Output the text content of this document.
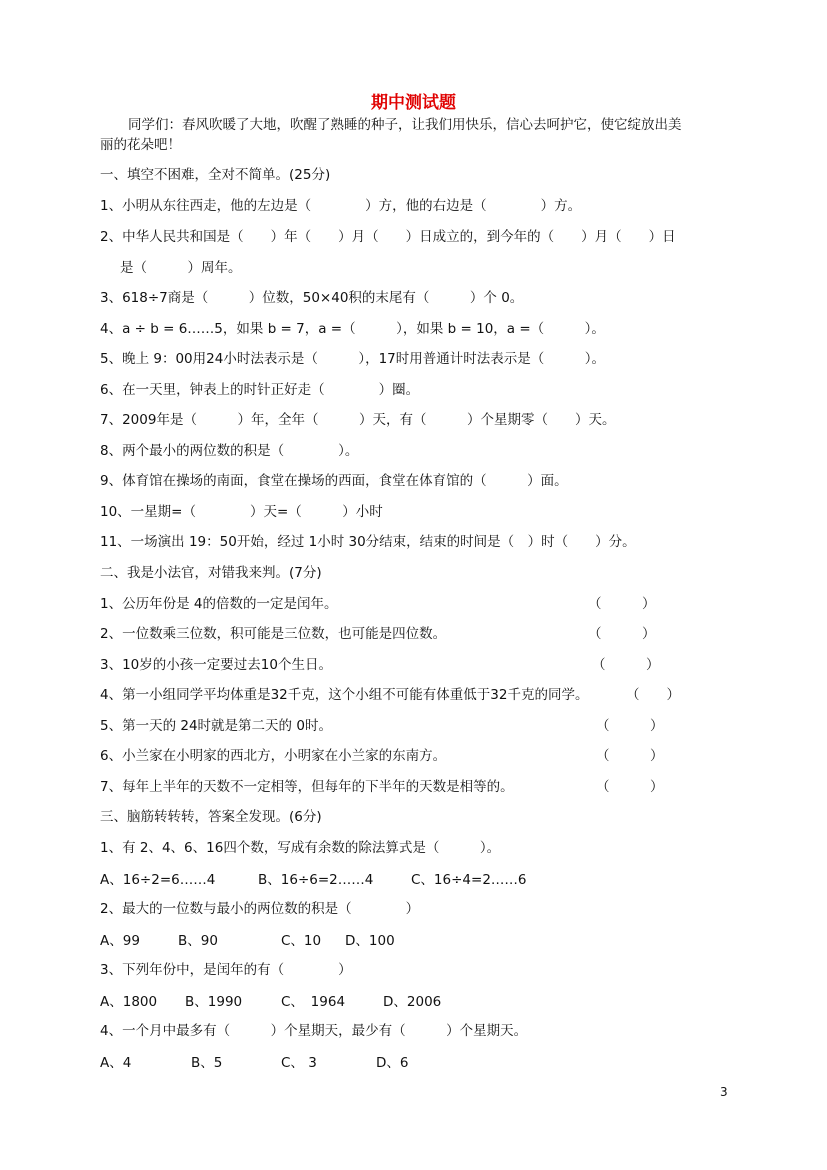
期中测试题
同学们：春风吹暖了大地，吹醒了熟睡的种子，让我们用快乐，信心去呵护它，使它绽放出美
丽的花朵吧！
一、填空不困难，全对不简单。(25分)
1、小明从东往西走，他的左边是（　　　　）方，他的右边是（　　　　）方。
2、中华人民共和国是（　　）年（　　）月（　　）日成立的，到今年的（　　）月（　　）日
是（　　　）周年。
3、618÷7商是（　　　）位数，50×40积的末尾有（　　　）个 0。
4、a ÷ b = 6……5，如果 b = 7，a =（　　　），如果 b = 10，a =（　　　）。
5、晚上 9：00用24小时法表示是（　　　），17时用普通计时法表示是（　　　）。
6、在一天里，钟表上的时针正好走（　　　　）圈。
7、2009年是（　　　）年，全年（　　　）天，有（　　　）个星期零（　　）天。
8、两个最小的两位数的积是（　　　　）。
9、体育馆在操场的南面，食堂在操场的西面，食堂在体育馆的（　　　）面。
10、一星期=（　　　　）天=（　　　）小时
11、一场演出 19：50开始，经过 1小时 30分结束，结束的时间是（　）时（　　）分。
二、我是小法官，对错我来判。(7分)
1、公历年份是 4的倍数的一定是闰年。	（　　　）
2、一位数乘三位数，积可能是三位数，也可能是四位数。	（　　　）
3、10岁的小孩一定要过去10个生日。	（　　　）
4、第一小组同学平均体重是32千克，这个小组不可能有体重低于32千克的同学。	（　　）
5、第一天的 24时就是第二天的 0时。	（　　　）
6、小兰家在小明家的西北方，小明家在小兰家的东南方。	（　　　）
7、每年上半年的天数不一定相等，但每年的下半年的天数是相等的。	（　　　）
三、脑筋转转转，答案全发现。(6分)
1、有 2、4、6、16四个数，写成有余数的除法算式是（　　　）。
A、16÷2=6……4	B、16÷6=2……4	C、16÷4=2……6
2、最大的一位数与最小的两位数的积是（　　　　）
A、99	B、90	C、10 D、100
3、下列年份中，是闰年的有（　　　　）
A、1800 B、1990	C、　1964	D、2006
4、一个月中最多有（　　　）个星期天，最少有（　　　）个星期天。
A、4	B、5	C、 3	D、6
3
